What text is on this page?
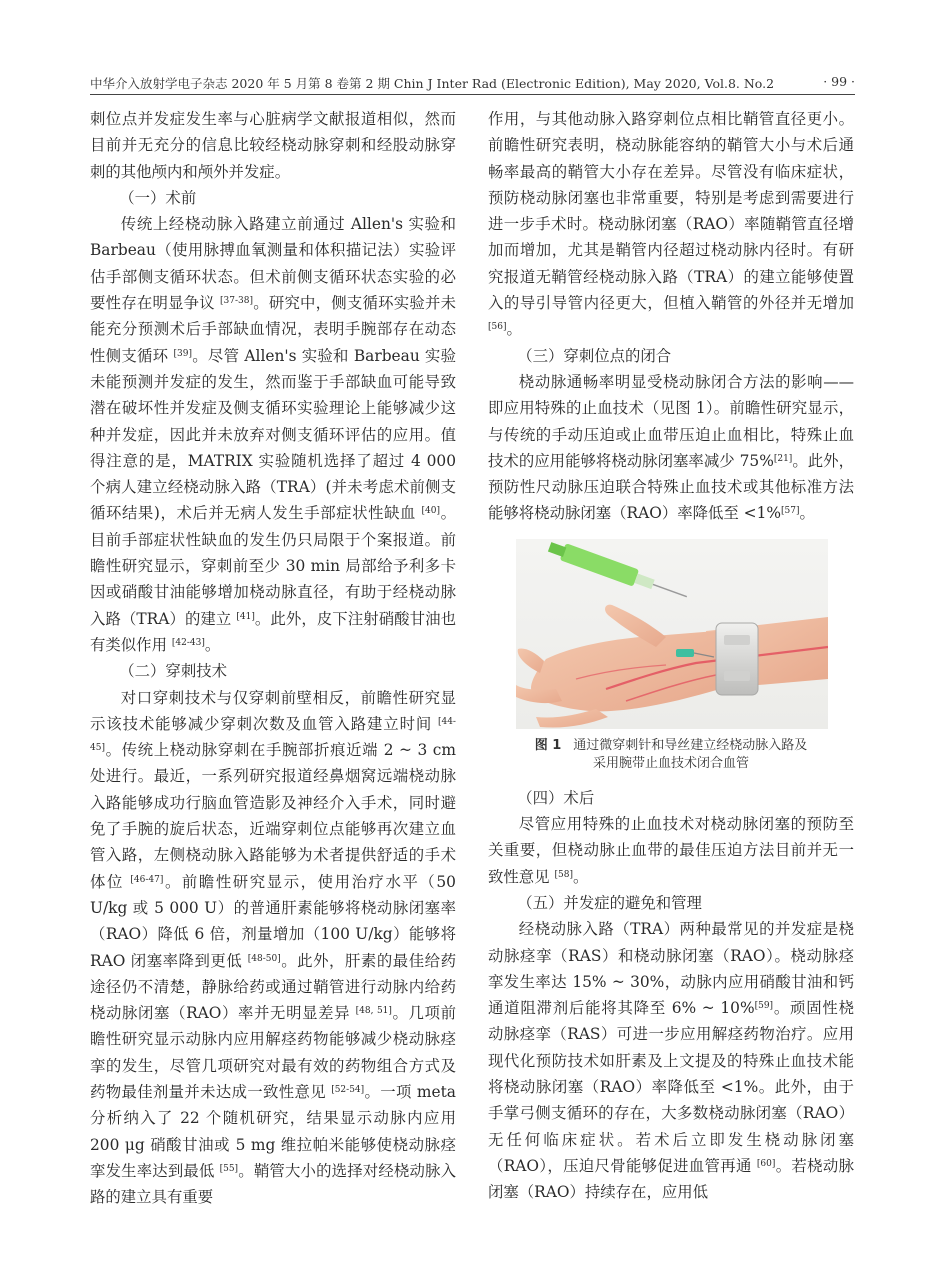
中华介入放射学电子杂志 2020 年 5 月第 8 卷第 2 期 Chin J Inter Rad (Electronic Edition), May 2020, Vol.8. No.2	· 99 ·

刺位点并发症发生率与心脏病学文献报道相似，然而目前并无充分的信息比较经桡动脉穿刺和经股动脉穿刺的其他颅内和颅外并发症。

（一）术前

传统上经桡动脉入路建立前通过 Allen's 实验和 Barbeau（使用脉搏血氧测量和体积描记法）实验评估手部侧支循环状态。但术前侧支循环状态实验的必要性存在明显争议 [37-38]。研究中，侧支循环实验并未能充分预测术后手部缺血情况，表明手腕部存在动态性侧支循环 [39]。尽管 Allen's 实验和 Barbeau 实验未能预测并发症的发生，然而鉴于手部缺血可能导致潜在破坏性并发症及侧支循环实验理论上能够减少这种并发症，因此并未放弃对侧支循环评估的应用。值得注意的是，MATRIX 实验随机选择了超过 4 000 个病人建立经桡动脉入路（TRA）(并未考虑术前侧支循环结果)，术后并无病人发生手部症状性缺血 [40]。目前手部症状性缺血的发生仍只局限于个案报道。前瞻性研究显示，穿刺前至少 30 min 局部给予利多卡因或硝酸甘油能够增加桡动脉直径，有助于经桡动脉入路（TRA）的建立 [41]。此外，皮下注射硝酸甘油也有类似作用 [42-43]。

（二）穿刺技术

对口穿刺技术与仅穿刺前壁相反，前瞻性研究显示该技术能够减少穿刺次数及血管入路建立时间 [44-45]。传统上桡动脉穿刺在手腕部折痕近端 2 ~ 3 cm 处进行。最近，一系列研究报道经鼻烟窝远端桡动脉入路能够成功行脑血管造影及神经介入手术，同时避免了手腕的旋后状态，近端穿刺位点能够再次建立血管入路，左侧桡动脉入路能够为术者提供舒适的手术体位 [46-47]。前瞻性研究显示，使用治疗水平（50 U/kg 或 5 000 U）的普通肝素能够将桡动脉闭塞率（RAO）降低 6 倍，剂量增加（100 U/kg）能够将 RAO 闭塞率降到更低 [48-50]。此外，肝素的最佳给药途径仍不清楚，静脉给药或通过鞘管进行动脉内给药桡动脉闭塞（RAO）率并无明显差异 [48, 51]。几项前瞻性研究显示动脉内应用解痉药物能够减少桡动脉痉挛的发生，尽管几项研究对最有效的药物组合方式及药物最佳剂量并未达成一致性意见 [52-54]。一项 meta 分析纳入了 22 个随机研究，结果显示动脉内应用 200 μg 硝酸甘油或 5 mg 维拉帕米能够使桡动脉痉挛发生率达到最低 [55]。鞘管大小的选择对经桡动脉入路的建立具有重要

作用，与其他动脉入路穿刺位点相比鞘管直径更小。前瞻性研究表明，桡动脉能容纳的鞘管大小与术后通畅率最高的鞘管大小存在差异。尽管没有临床症状，预防桡动脉闭塞也非常重要，特别是考虑到需要进行进一步手术时。桡动脉闭塞（RAO）率随鞘管直径增加而增加，尤其是鞘管内径超过桡动脉内径时。有研究报道无鞘管经桡动脉入路（TRA）的建立能够使置入的导引导管内径更大，但植入鞘管的外径并无增加 [56]。

（三）穿刺位点的闭合

桡动脉通畅率明显受桡动脉闭合方法的影响——即应用特殊的止血技术（见图 1）。前瞻性研究显示，与传统的手动压迫或止血带压迫止血相比，特殊止血技术的应用能够将桡动脉闭塞率减少 75%[21]。此外，预防性尺动脉压迫联合特殊止血技术或其他标准方法能够将桡动脉闭塞（RAO）率降低至 <1%[57]。

图 1 通过微穿刺针和导丝建立经桡动脉入路及
采用腕带止血技术闭合血管
（四）术后

尽管应用特殊的止血技术对桡动脉闭塞的预防至关重要，但桡动脉止血带的最佳压迫方法目前并无一致性意见 [58]。

（五）并发症的避免和管理

经桡动脉入路（TRA）两种最常见的并发症是桡动脉痉挛（RAS）和桡动脉闭塞（RAO）。桡动脉痉挛发生率达 15% ~ 30%，动脉内应用硝酸甘油和钙通道阻滞剂后能将其降至 6% ~ 10%[59]。顽固性桡动脉痉挛（RAS）可进一步应用解痉药物治疗。应用现代化预防技术如肝素及上文提及的特殊止血技术能将桡动脉闭塞（RAO）率降低至 <1%。此外，由于手掌弓侧支循环的存在，大多数桡动脉闭塞（RAO）无任何临床症状。若术后立即发生桡动脉闭塞（RAO），压迫尺骨能够促进血管再通 [60]。若桡动脉闭塞（RAO）持续存在，应用低
